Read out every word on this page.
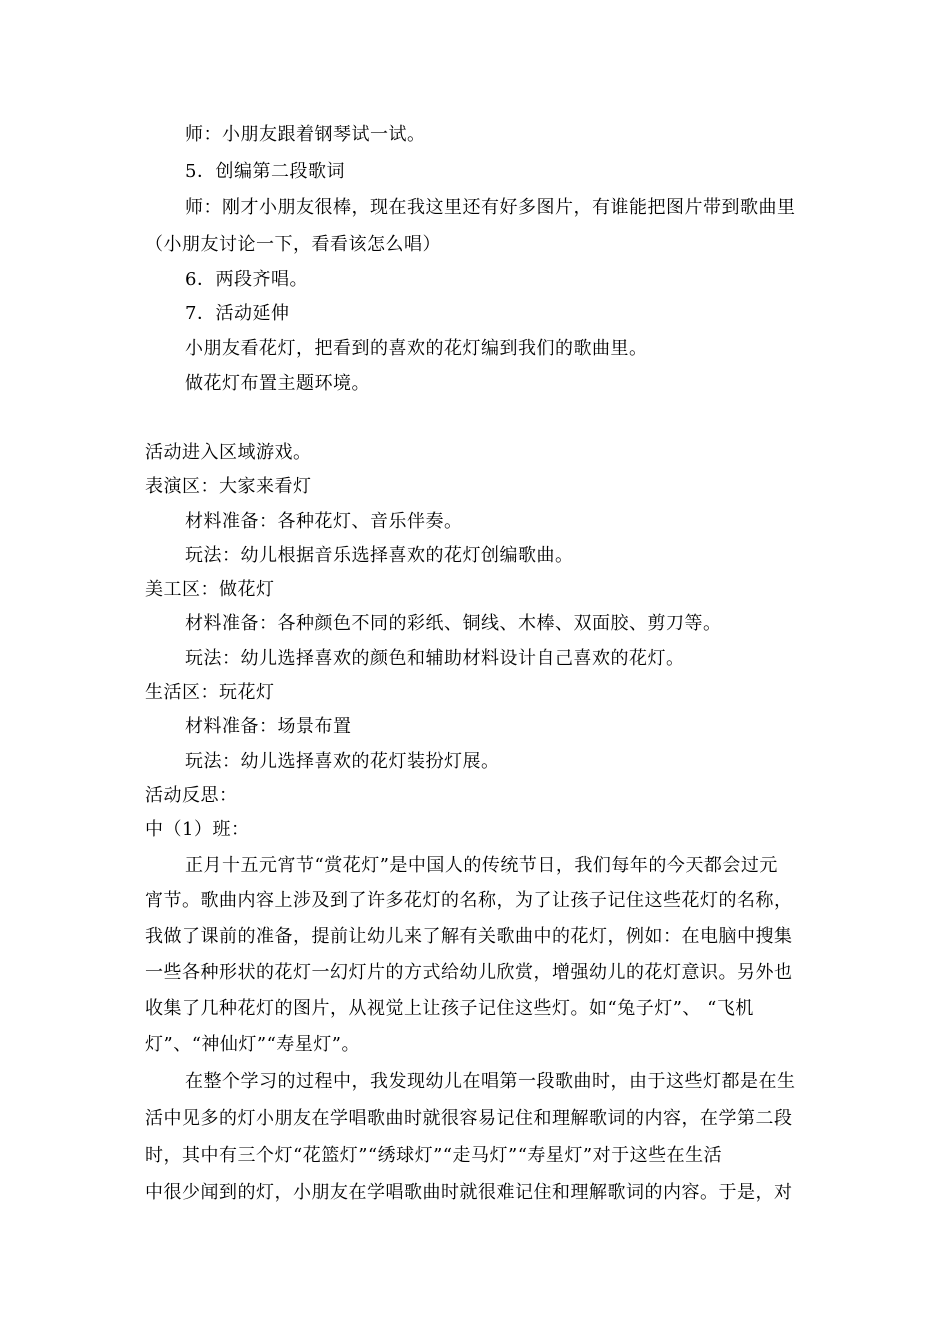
师：小朋友跟着钢琴试一试。
5．创编第二段歌词
师：刚才小朋友很棒，现在我这里还有好多图片，有谁能把图片带到歌曲里
（小朋友讨论一下，看看该怎么唱）
6．两段齐唱。
7．活动延伸
小朋友看花灯，把看到的喜欢的花灯编到我们的歌曲里。
做花灯布置主题环境。
活动进入区域游戏。
表演区：大家来看灯
材料准备：各种花灯、音乐伴奏。
玩法：幼儿根据音乐选择喜欢的花灯创编歌曲。
美工区：做花灯
材料准备：各种颜色不同的彩纸、铜线、木棒、双面胶、剪刀等。
玩法：幼儿选择喜欢的颜色和辅助材料设计自己喜欢的花灯。
生活区：玩花灯
材料准备：场景布置
玩法：幼儿选择喜欢的花灯装扮灯展。
活动反思：
中（1）班：
正月十五元宵节“赏花灯”是中国人的传统节日，我们每年的今天都会过元
宵节。歌曲内容上涉及到了许多花灯的名称，为了让孩子记住这些花灯的名称，
我做了课前的准备，提前让幼儿来了解有关歌曲中的花灯，例如：在电脑中搜集
一些各种形状的花灯一幻灯片的方式给幼儿欣赏，增强幼儿的花灯意识。另外也
收集了几种花灯的图片，从视觉上让孩子记住这些灯。如“兔子灯”、 “飞机
灯”、“神仙灯”“寿星灯”。
在整个学习的过程中，我发现幼儿在唱第一段歌曲时，由于这些灯都是在生
活中见多的灯小朋友在学唱歌曲时就很容易记住和理解歌词的内容，在学第二段
时，其中有三个灯“花篮灯”“绣球灯”“走马灯”“寿星灯”对于这些在生活
中很少闻到的灯，小朋友在学唱歌曲时就很难记住和理解歌词的内容。于是，对
